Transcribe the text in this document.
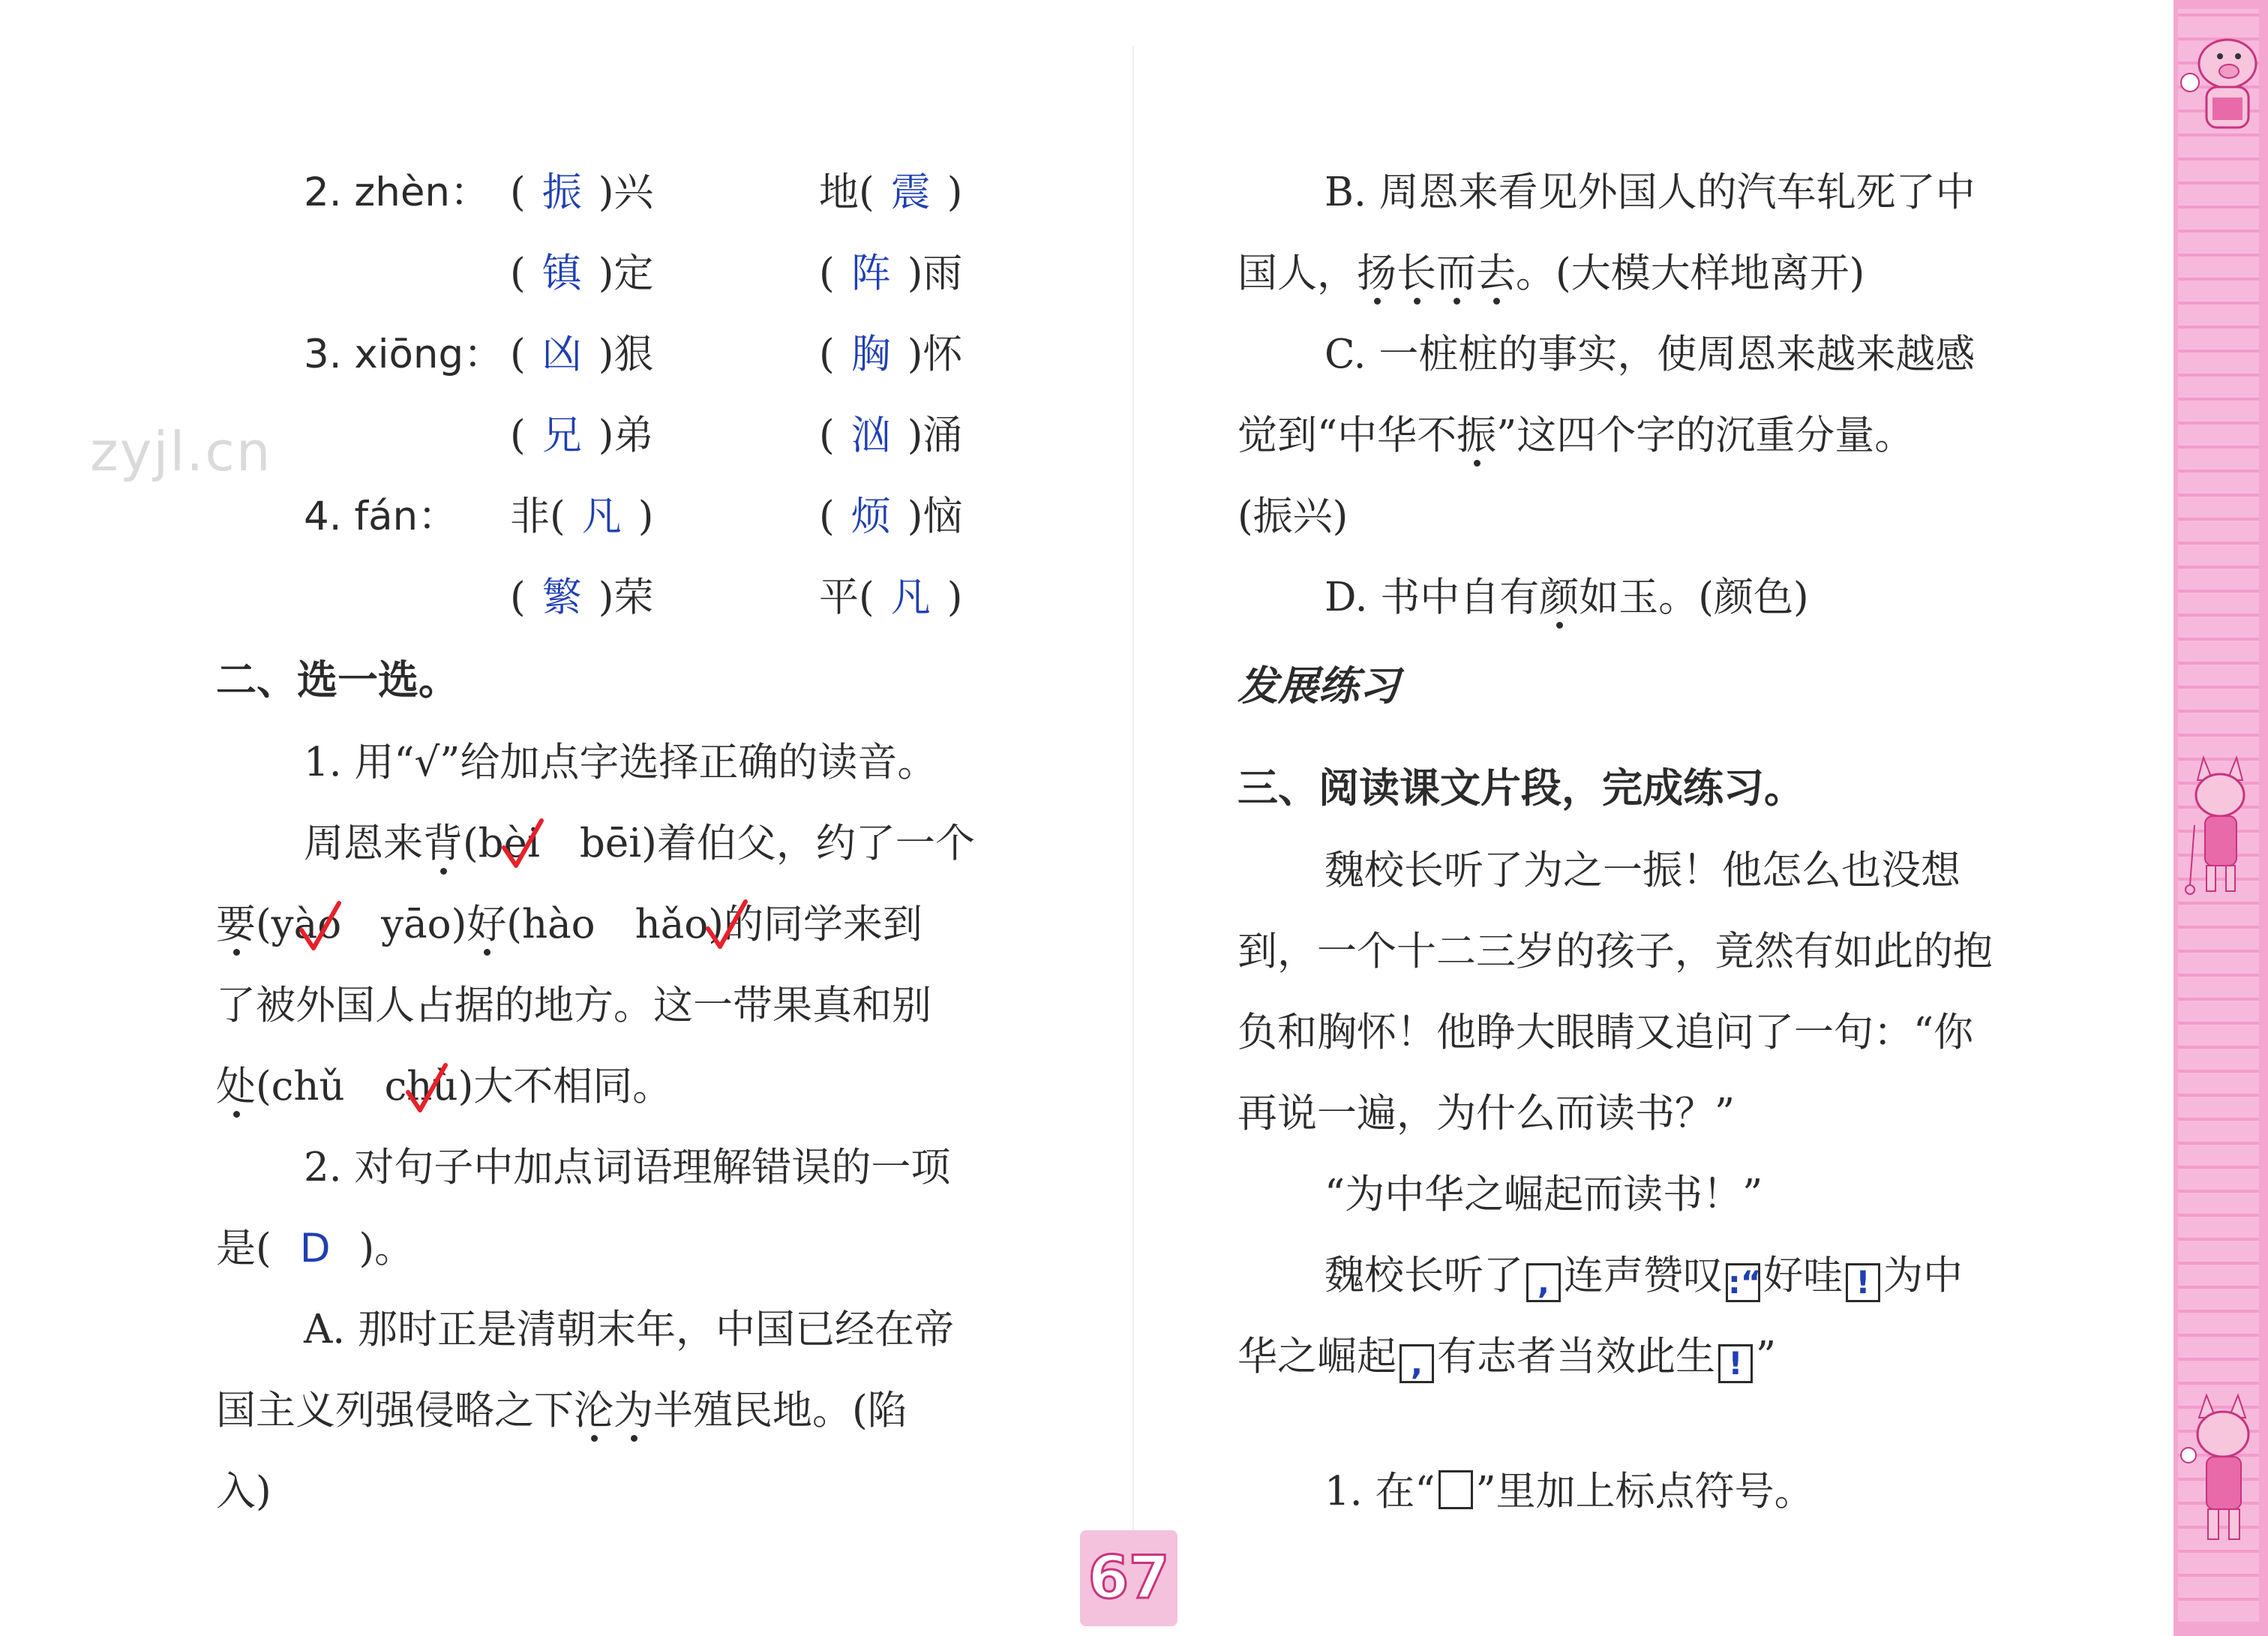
zyjl.cn
2. zhèn： ( 振 )兴	地( 震 )
( 镇 )定	( 阵 )雨
3. xiōng： ( 凶 )狠	( 胸 )怀
( 兄 )弟	( 汹 )涌
4. fán： 非( 凡 )	( 烦 )恼
( 繁 )荣	平( 凡 )
二、选一选。
1. 用“√”给加点字选择正确的读音。
周恩来背(bèi　bēi)着伯父，约了一个
要(yào　yāo)好(hào　hǎo)的同学来到
了被外国人占据的地方。这一带果真和别
处(chǔ　chù)大不相同。
2. 对句子中加点词语理解错误的一项
是( D )。
A. 那时正是清朝末年，中国已经在帝
国主义列强侵略之下沦为半殖民地。(陷
入)
B. 周恩来看见外国人的汽车轧死了中
国人，扬长而去。(大模大样地离开)
C. 一桩桩的事实，使周恩来越来越感
觉到“中华不振”这四个字的沉重分量。
(振兴)
D. 书中自有颜如玉。(颜色)
发展练习
三、阅读课文片段，完成练习。
魏校长听了为之一振！他怎么也没想
到，一个十二三岁的孩子，竟然有如此的抱
负和胸怀！他睁大眼睛又追问了一句：“你
再说一遍，为什么而读书？”
“为中华之崛起而读书！”
魏校长听了 , 连声赞叹 :“好哇 ! 为中
华之崛起 , 有志者当效此生 ! ”
1. 在“ ”里加上标点符号。
67
